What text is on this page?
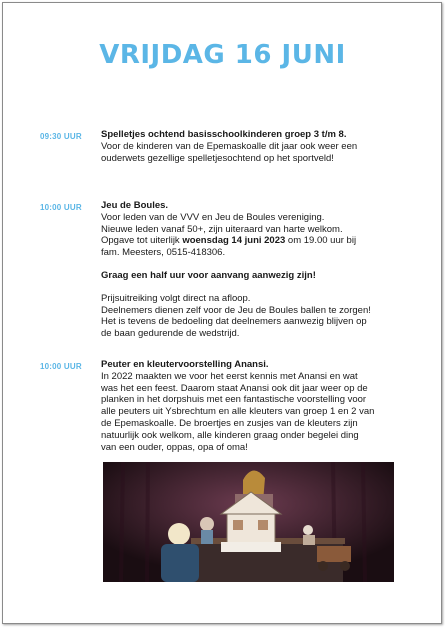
VRIJDAG 16 JUNI
09:30 UUR Spelletjes ochtend basisschoolkinderen groep 3 t/m 8.

Voor de kinderen van de Epemaskoalle dit jaar ook weer een

ouderwets gezellige spelletjesochtend op het sportveld!

10:00 UUR Jeu de Boules.

Voor leden van de VVV en Jeu de Boules vereniging.

Nieuwe leden vanaf 50+, zijn uiteraard van harte welkom.

Opgave tot uiterlijk woensdag 14 juni 2023 om 19.00 uur bij

fam. Meesters, 0515-418306.

Graag een half uur voor aanvang aanwezig zijn!

Prijsuitreiking volgt direct na afloop.

Deelnemers dienen zelf voor de Jeu de Boules ballen te zorgen!

Het is tevens de bedoeling dat deelnemers aanwezig blijven op

de baan gedurende de wedstrijd.

10:00 UUR Peuter en kleutervoorstelling Anansi.

In 2022 maakten we voor het eerst kennis met Anansi en wat

was het een feest. Daarom staat Anansi ook dit jaar weer op de

planken in het dorpshuis met een fantastische voorstelling voor

alle peuters uit Ysbrechtum en alle kleuters van groep 1 en 2 van

de Epemaskoalle. De broertjes en zusjes van de kleuters zijn

natuurlijk ook welkom, alle kinderen graag onder begelei ding

van een ouder, oppas, opa of oma!
